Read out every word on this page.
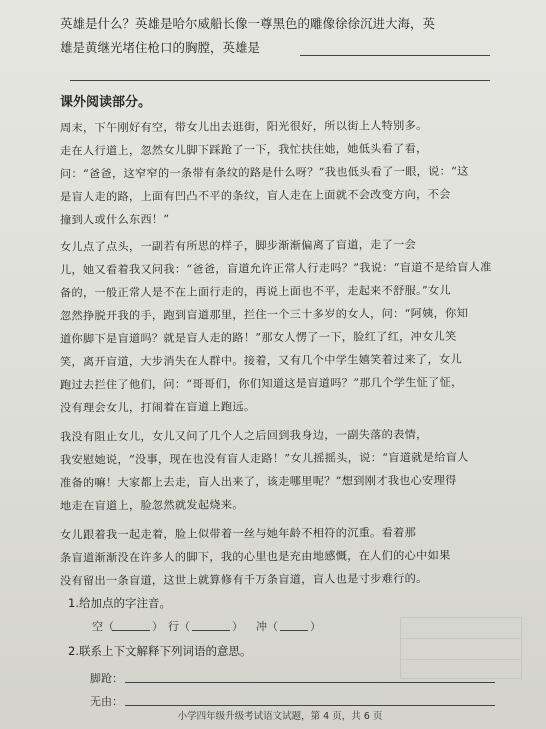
英雄是什么？英雄是哈尔威船长像一尊黑色的雕像徐徐沉进大海，英
雄是黄继光堵住枪口的胸膛，英雄是
课外阅读部分。
周末，下午刚好有空，带女儿出去逛街，阳光很好，所以街上人特别多。
走在人行道上，忽然女儿脚下踩跄了一下，我忙扶住她，她低头看了看，
问：“爸爸，这窄窄的一条带有条纹的路是什么呀？”我也低头看了一眼，说：“这
是盲人走的路，上面有凹凸不平的条纹，盲人走在上面就不会改变方向，不会
撞到人或什么东西！”
女儿点了点头，一副若有所思的样子，脚步渐渐偏离了盲道，走了一会
儿，她又看着我又问我：“爸爸，盲道允许正常人行走吗？”我说：“盲道不是给盲人准
备的，一般正常人是不在上面行走的，再说上面也不平，走起来不舒服。”女儿
忽然挣脱开我的手，跑到盲道那里，拦住一个三十多岁的女人，问：“阿姨，你知
道你脚下是盲道吗？就是盲人走的路！”那女人愣了一下，脸红了红，冲女儿笑
笑，离开盲道，大步消失在人群中。接着，又有几个中学生嬉笑着过来了，女儿
跑过去拦住了他们，问：“哥哥们，你们知道这是盲道吗？”那几个学生怔了怔，
没有理会女儿，打闹着在盲道上跑远。
我没有阻止女儿，女儿又问了几个人之后回到我身边，一副失落的表情，
我安慰她说，“没事，现在也没有盲人走路！”女儿摇摇头，说：“盲道就是给盲人
准备的嘛！大家都上去走，盲人出来了，该走哪里呢？”想到刚才我也心安理得
地走在盲道上，脸忽然就发起烧来。
女儿跟着我一起走着，脸上似带着一丝与她年龄不相符的沉重。看着那
条盲道渐渐没在许多人的脚下，我的心里也是充由地感慨，在人们的心中如果
没有留出一条盲道，这世上就算修有千万条盲道，盲人也是寸步难行的。
1.给加点的字注音。
空（	） 行（	） 冲（	）
2.联系上下文解释下列词语的意思。
脚跄：
无由：
小学四年级升级考试语文试题，第 4 页，共 6 页
